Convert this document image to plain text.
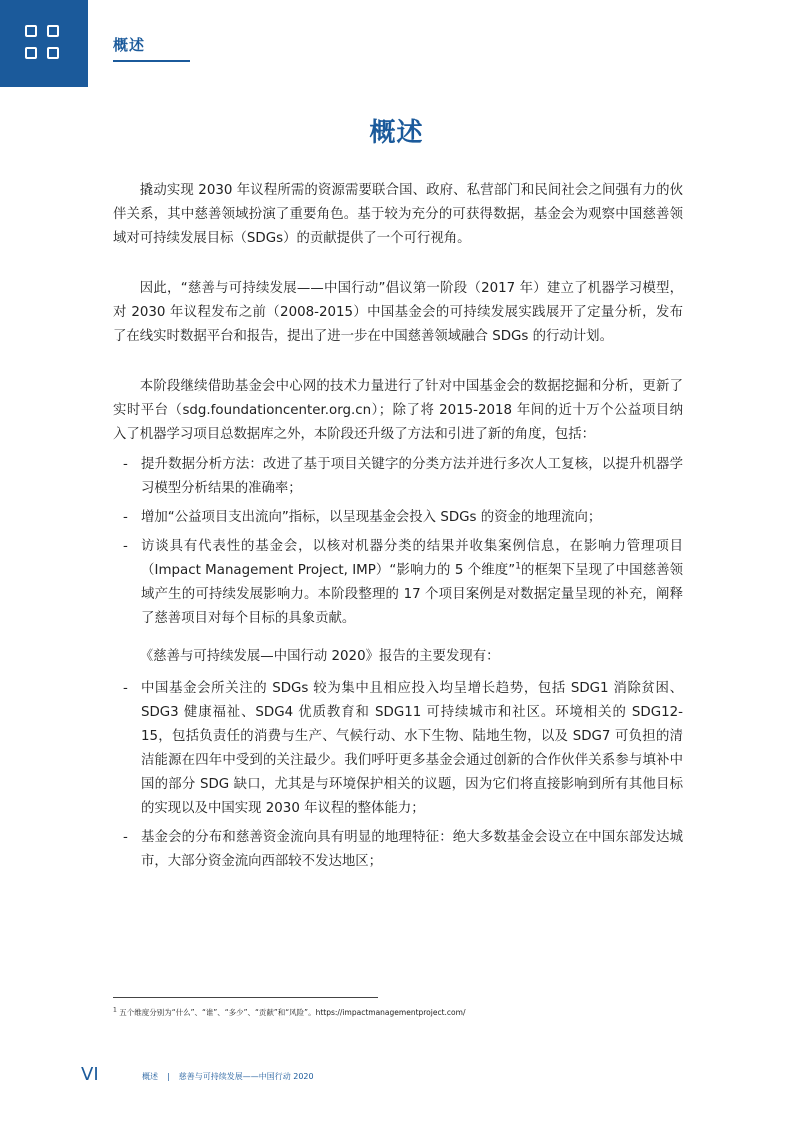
概述
概述

撬动实现 2030 年议程所需的资源需要联合国、政府、私营部门和民间社会之间强有力的伙伴关系，其中慈善领域扮演了重要角色。基于较为充分的可获得数据，基金会为观察中国慈善领域对可持续发展目标（SDGs）的贡献提供了一个可行视角。

因此，“慈善与可持续发展——中国行动”倡议第一阶段（2017 年）建立了机器学习模型，对 2030 年议程发布之前（2008-2015）中国基金会的可持续发展实践展开了定量分析，发布了在线实时数据平台和报告，提出了进一步在中国慈善领域融合 SDGs 的行动计划。

本阶段继续借助基金会中心网的技术力量进行了针对中国基金会的数据挖掘和分析，更新了实时平台（sdg.foundationcenter.org.cn）；除了将 2015-2018 年间的近十万个公益项目纳入了机器学习项目总数据库之外，本阶段还升级了方法和引进了新的角度，包括：

- 提升数据分析方法：改进了基于项目关键字的分类方法并进行多次人工复核，以提升机器学习模型分析结果的准确率；
- 增加“公益项目支出流向”指标，以呈现基金会投入 SDGs 的资金的地理流向；
- 访谈具有代表性的基金会，以核对机器分类的结果并收集案例信息，在影响力管理项目（Impact Management Project, IMP）“影响力的 5 个维度”$^1$的框架下呈现了中国慈善领域产生的可持续发展影响力。本阶段整理的 17 个项目案例是对数据定量呈现的补充，阐释了慈善项目对每个目标的具象贡献。

《慈善与可持续发展—中国行动 2020》报告的主要发现有：

- 中国基金会所关注的 SDGs 较为集中且相应投入均呈增长趋势，包括 SDG1 消除贫困、SDG3 健康福祉、SDG4 优质教育和 SDG11 可持续城市和社区。环境相关的 SDG12-15，包括负责任的消费与生产、气候行动、水下生物、陆地生物，以及 SDG7 可负担的清洁能源在四年中受到的关注最少。我们呼吁更多基金会通过创新的合作伙伴关系参与填补中国的部分 SDG 缺口，尤其是与环境保护相关的议题，因为它们将直接影响到所有其他目标的实现以及中国实现 2030 年议程的整体能力；
- 基金会的分布和慈善资金流向具有明显的地理特征：绝大多数基金会设立在中国东部发达城市，大部分资金流向西部较不发达地区；
$^1$ 五个维度分别为“什么”、“谁”、“多少”、“贡献”和“风险”。https://impactmanagementproject.com/
VI	概述 | 慈善与可持续发展——中国行动 2020
